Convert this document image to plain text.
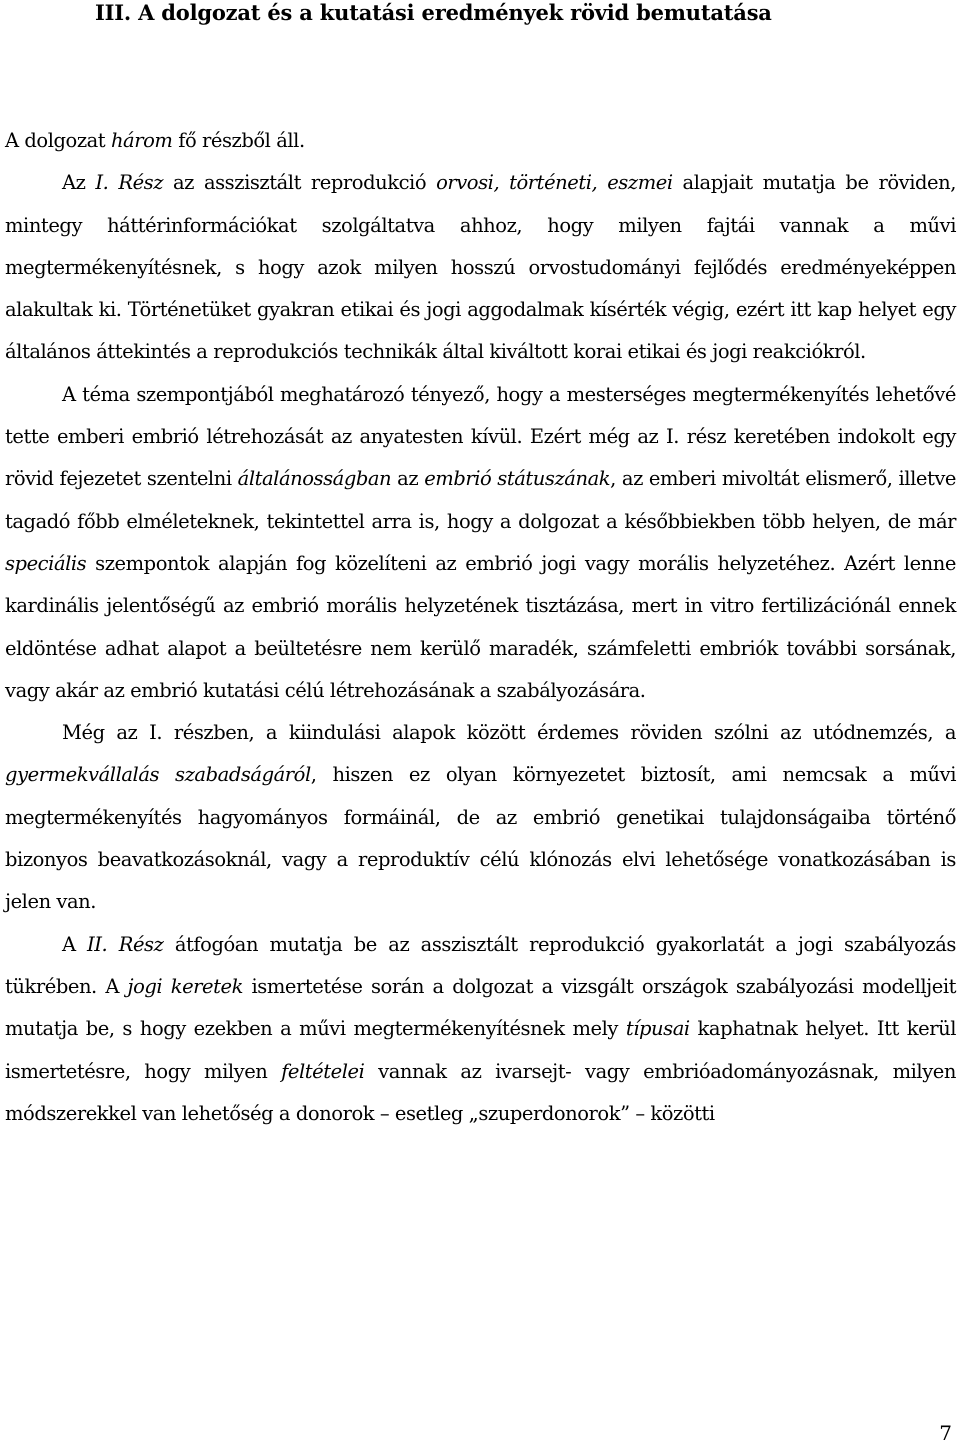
III. A dolgozat és a kutatási eredmények rövid bemutatása

A dolgozat három fő részből áll.

Az I. Rész az asszisztált reprodukció orvosi, történeti, eszmei alapjait mutatja be röviden, mintegy háttérinformációkat szolgáltatva ahhoz, hogy milyen fajtái vannak a művi megtermékenyítésnek, s hogy azok milyen hosszú orvostudományi fejlődés eredményeképpen alakultak ki. Történetüket gyakran etikai és jogi aggodalmak kísérték végig, ezért itt kap helyet egy általános áttekintés a reprodukciós technikák által kiváltott korai etikai és jogi reakciókról.

A téma szempontjából meghatározó tényező, hogy a mesterséges megtermékenyítés lehetővé tette emberi embrió létrehozását az anyatesten kívül. Ezért még az I. rész keretében indokolt egy rövid fejezetet szentelni általánosságban az embrió státuszának, az emberi mivoltát elismerő, illetve tagadó főbb elméleteknek, tekintettel arra is, hogy a dolgozat a későbbiekben több helyen, de már speciális szempontok alapján fog közelíteni az embrió jogi vagy morális helyzetéhez. Azért lenne kardinális jelentőségű az embrió morális helyzetének tisztázása, mert in vitro fertilizációnál ennek eldöntése adhat alapot a beültetésre nem kerülő maradék, számfeletti embriók további sorsának, vagy akár az embrió kutatási célú létrehozásának a szabályozására.

Még az I. részben, a kiindulási alapok között érdemes röviden szólni az utódnemzés, a gyermekvállalás szabadságáról, hiszen ez olyan környezetet biztosít, ami nemcsak a művi megtermékenyítés hagyományos formáinál, de az embrió genetikai tulajdonságaiba történő bizonyos beavatkozásoknál, vagy a reproduktív célú klónozás elvi lehetősége vonatkozásában is jelen van.

A II. Rész átfogóan mutatja be az asszisztált reprodukció gyakorlatát a jogi szabályozás tükrében. A jogi keretek ismertetése során a dolgozat a vizsgált országok szabályozási modelljeit mutatja be, s hogy ezekben a művi megtermékenyítésnek mely típusai kaphatnak helyet. Itt kerül ismertetésre, hogy milyen feltételei vannak az ivarsejt- vagy embrióadományozásnak, milyen módszerekkel van lehetőség a donorok – esetleg „szuperdonorok” – közötti

7
